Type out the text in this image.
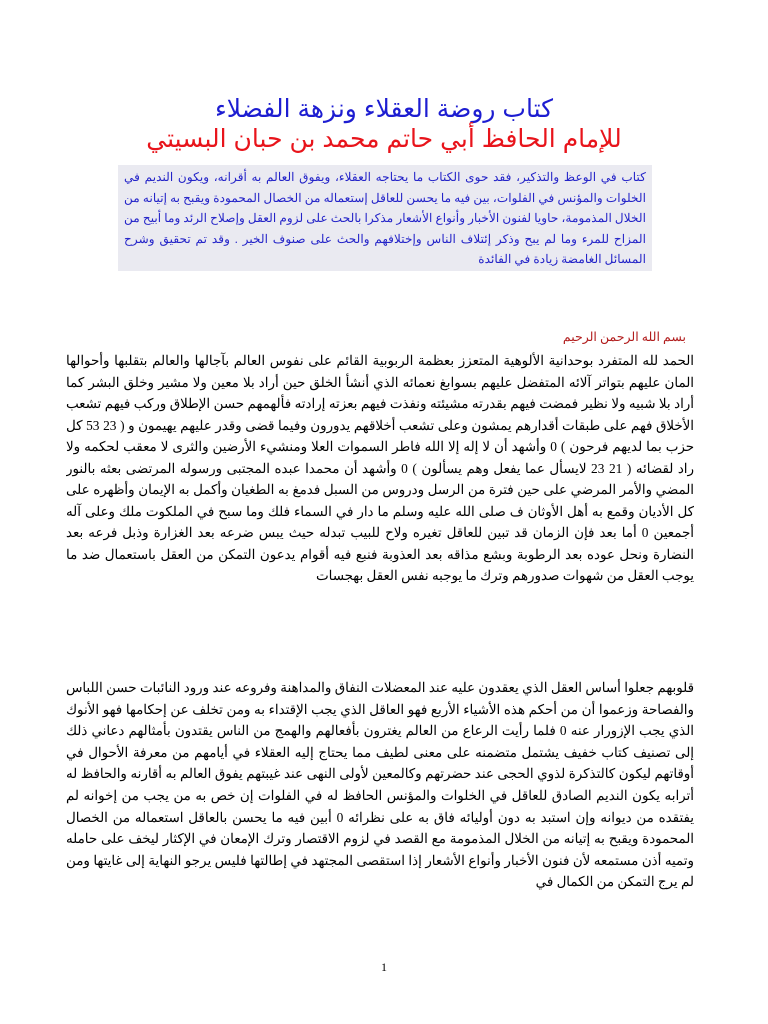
كتاب روضة العقلاء ونزهة الفضلاء
للإمام الحافظ أبي حاتم محمد بن حبان البسيتي

كتاب في الوعظ والتذكير، فقد حوى الكتاب ما يحتاجه العقلاء، ويفوق العالم به أقرانه، ويكون النديم في الخلوات والمؤنس في الفلوات، بين فيه ما يحسن للعاقل إستعماله من الخصال المحمودة ويقبح به إتيانه من الخلال المذمومة، حاويا لفنون الأخبار وأنواع الأشعار مذكرا بالحث على لزوم العقل وإصلاح الرئد وما أبيح من المزاح للمرء وما لم يبح وذكر إئتلاف الناس وإختلافهم والحث على صنوف الخير . وقد تم تحقيق وشرح المسائل الغامضة زيادة في الفائدة

بسم الله الرحمن الرحيم

الحمد لله المتفرد بوحدانية الألوهية المتعزز بعظمة الربوبية القائم على نفوس العالم بآجالها والعالم بتقلبها وأحوالها المان عليهم بتواتر آلائه المتفضل عليهم بسوابغ نعمائه الذي أنشأ الخلق حين أراد بلا معين ولا مشير وخلق البشر كما أراد بلا شبيه ولا نظير فمضت فيهم بقدرته مشيئته ونفذت فيهم بعزته إرادته فألهمهم حسن الإطلاق وركب فيهم تشعب الأخلاق فهم على طبقات أقدارهم يمشون وعلى تشعب أخلاقهم يدورون وفيما قضى وقدر عليهم يهيمون و ( 23 53 كل حزب بما لديهم فرحون ) 0 وأشهد أن لا إله إلا الله فاطر السموات العلا ومنشيء الأرضين والثرى لا معقب لحكمه ولا راد لقضائه ( 21 23 لايسأل عما يفعل وهم يسألون ) 0 وأشهد أن محمدا عبده المجتبى ورسوله المرتضى بعثه بالنور المضي والأمر المرضي على حين فترة من الرسل ودروس من السبل فدمغ به الطغيان وأكمل به الإيمان وأظهره على كل الأديان وقمع به أهل الأوثان ف صلى الله عليه وسلم ما دار في السماء فلك وما سبح في الملكوت ملك وعلى آله أجمعين 0 أما بعد فإن الزمان قد تبين للعاقل تغيره ولاح للبيب تبدله حيث يبس ضرعه بعد الغزارة وذبل فرعه بعد النضارة ونحل عوده بعد الرطوبة وبشع مذاقه بعد العذوبة فنبع فيه أقوام يدعون التمكن من العقل باستعمال ضد ما يوجب العقل من شهوات صدورهم وترك ما يوجبه نفس العقل بهجسات

قلوبهم جعلوا أساس العقل الذي يعقدون عليه عند المعضلات النفاق والمداهنة وفروعه عند ورود النائبات حسن اللباس والفصاحة وزعموا أن من أحكم هذه الأشياء الأربع فهو العاقل الذي يجب الإقتداء به ومن تخلف عن إحكامها فهو الأنوك الذي يجب الإزورار عنه 0 فلما رأيت الرعاع من العالم يغترون بأفعالهم والهمج من الناس يقتدون بأمثالهم دعاني ذلك إلى تصنيف كتاب خفيف يشتمل متضمنه على معنى لطيف مما يحتاج إليه العقلاء في أيامهم من معرفة الأحوال في أوقاتهم ليكون كالتذكرة لذوي الحجى عند حضرتهم وكالمعين لأولى النهى عند غيبتهم يفوق العالم به أقارنه والحافظ له أترابه يكون النديم الصادق للعاقل في الخلوات والمؤنس الحافظ له في الفلوات إن خص به من يجب من إخوانه لم يفتقده من ديوانه وإن استبد به دون أوليائه فاق به على نظرائه 0 أبين فيه ما يحسن بالعاقل استعماله من الخصال المحمودة ويقبح به إتيانه من الخلال المذمومة مع القصد في لزوم الاقتصار وترك الإمعان في الإكثار ليخف على حامله وتميه أذن مستمعه لأن فنون الأخبار وأنواع الأشعار إذا استقصى المجتهد في إطالتها فليس يرجو النهاية إلى غايتها ومن لم يرج التمكن من الكمال في

1
